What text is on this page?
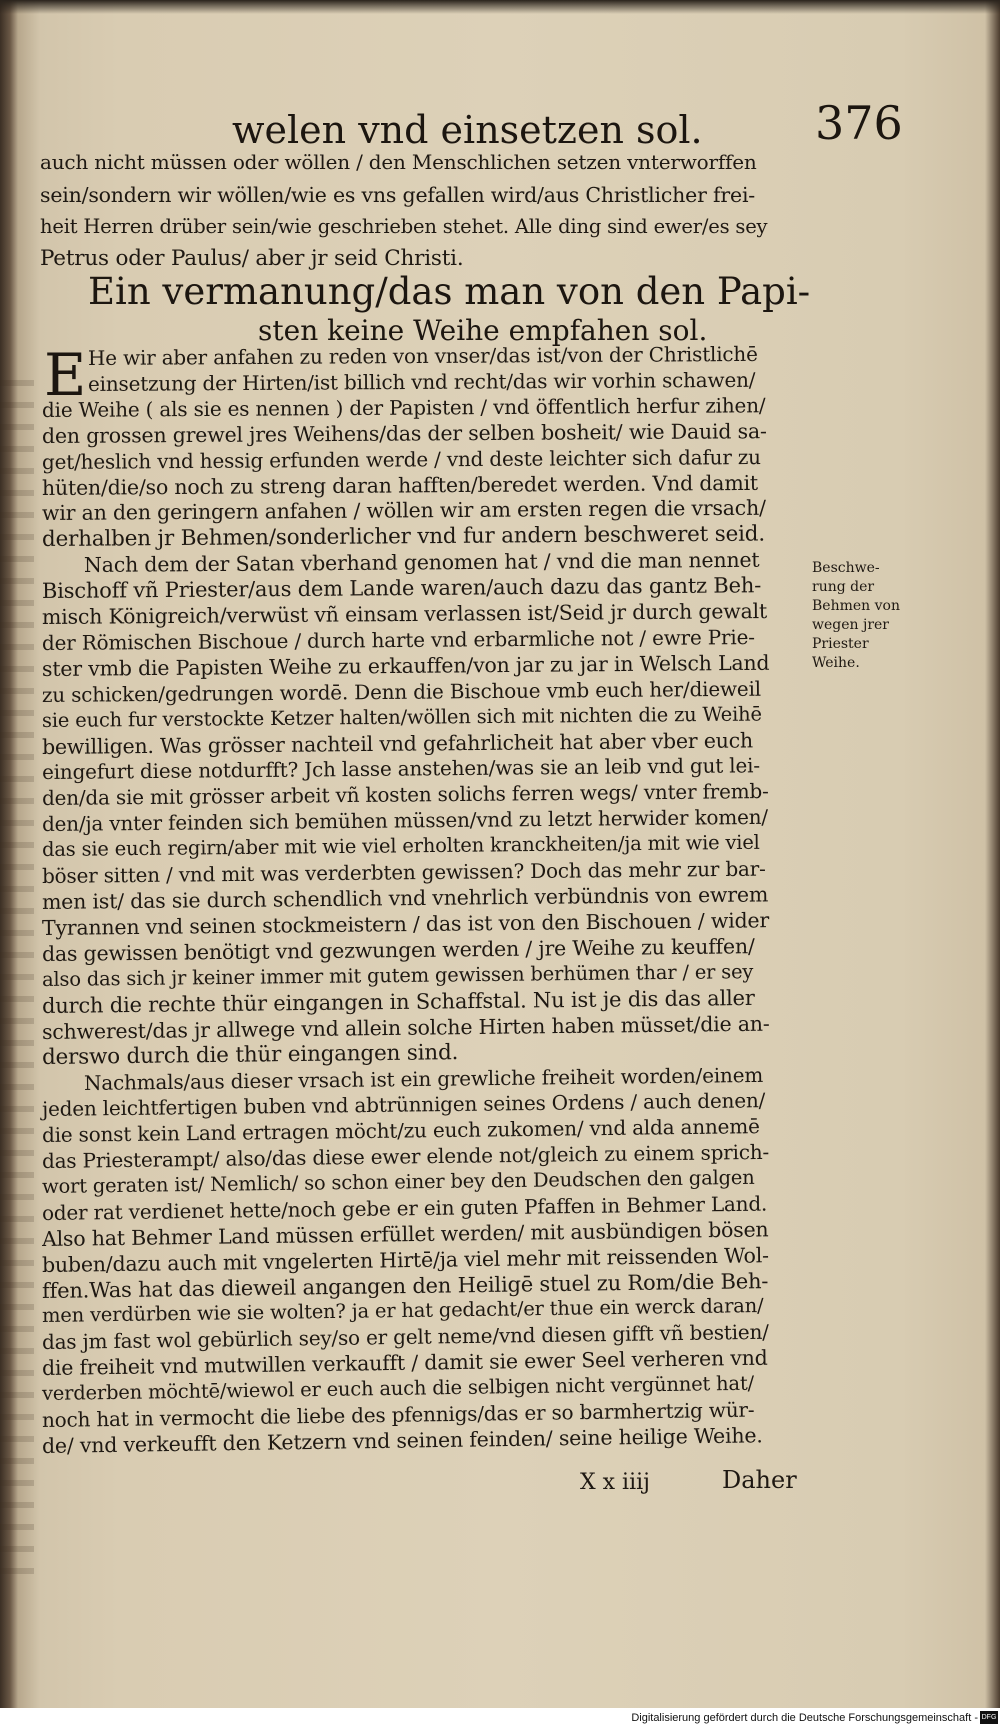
welen vnd einsetzen sol. 376
auch nicht müssen oder wöllen / den Menschlichen setzen vnterworffen
sein/sondern wir wöllen/wie es vns gefallen wird/aus Christlicher frei-
heit Herren drüber sein/wie geschrieben stehet. Alle ding sind ewer/es sey
Petrus oder Paulus/ aber jr seid Christi.
Ein vermanung/das man von den Papi-
sten keine Weihe empfahen sol.
E He wir aber anfahen zu reden von vnser/das ist/von der Christlichē
einsetzung der Hirten/ist billich vnd recht/das wir vorhin schawen/
die Weihe ( als sie es nennen ) der Papisten / vnd öffentlich herfur zihen/
den grossen grewel jres Weihens/das der selben bosheit/ wie Dauid sa-
get/heslich vnd hessig erfunden werde / vnd deste leichter sich dafur zu
hüten/die/so noch zu streng daran hafften/beredet werden. Vnd damit
wir an den geringern anfahen / wöllen wir am ersten regen die vrsach/
derhalben jr Behmen/sonderlicher vnd fur andern beschweret seid.
Nach dem der Satan vberhand genomen hat / vnd die man nennet
Bischoff vñ Priester/aus dem Lande waren/auch dazu das gantz Beh-
misch Königreich/verwüst vñ einsam verlassen ist/Seid jr durch gewalt
der Römischen Bischoue / durch harte vnd erbarmliche not / ewre Prie-
ster vmb die Papisten Weihe zu erkauffen/von jar zu jar in Welsch Land
zu schicken/gedrungen wordē. Denn die Bischoue vmb euch her/dieweil
sie euch fur verstockte Ketzer halten/wöllen sich mit nichten die zu Weihē
bewilligen. Was grösser nachteil vnd gefahrlicheit hat aber vber euch
eingefurt diese notdurfft? Jch lasse anstehen/was sie an leib vnd gut lei-
den/da sie mit grösser arbeit vñ kosten solichs ferren wegs/ vnter fremb-
den/ja vnter feinden sich bemühen müssen/vnd zu letzt herwider komen/
das sie euch regirn/aber mit wie viel erholten kranckheiten/ja mit wie viel
böser sitten / vnd mit was verderbten gewissen? Doch das mehr zur bar-
men ist/ das sie durch schendlich vnd vnehrlich verbündnis von ewrem
Tyrannen vnd seinen stockmeistern / das ist von den Bischouen / wider
das gewissen benötigt vnd gezwungen werden / jre Weihe zu keuffen/
also das sich jr keiner immer mit gutem gewissen berhümen thar / er sey
durch die rechte thür eingangen in Schaffstal. Nu ist je dis das aller
schwerest/das jr allwege vnd allein solche Hirten haben müsset/die an-
derswo durch die thür eingangen sind.
Nachmals/aus dieser vrsach ist ein grewliche freiheit worden/einem
jeden leichtfertigen buben vnd abtrünnigen seines Ordens / auch denen/
die sonst kein Land ertragen möcht/zu euch zukomen/ vnd alda annemē
das Priesterampt/ also/das diese ewer elende not/gleich zu einem sprich-
wort geraten ist/ Nemlich/ so schon einer bey den Deudschen den galgen
oder rat verdienet hette/noch gebe er ein guten Pfaffen in Behmer Land.
Also hat Behmer Land müssen erfüllet werden/ mit ausbündigen bösen
buben/dazu auch mit vngelerten Hirtē/ja viel mehr mit reissenden Wol-
ffen.Was hat das dieweil angangen den Heiligē stuel zu Rom/die Beh-
men verdürben wie sie wolten? ja er hat gedacht/er thue ein werck daran/
das jm fast wol gebürlich sey/so er gelt neme/vnd diesen gifft vñ bestien/
die freiheit vnd mutwillen verkaufft / damit sie ewer Seel verheren vnd
verderben möchtē/wiewol er euch auch die selbigen nicht vergünnet hat/
noch hat in vermocht die liebe des pfennigs/das er so barmhertzig wür-
de/ vnd verkeufft den Ketzern vnd seinen feinden/ seine heilige Weihe.
Beschwe-
rung der
Behmen von
wegen jrer
Priester
Weihe.
X x iiij	Daher
Digitalisierung gefördert durch die Deutsche Forschungsgemeinschaft - DFG
